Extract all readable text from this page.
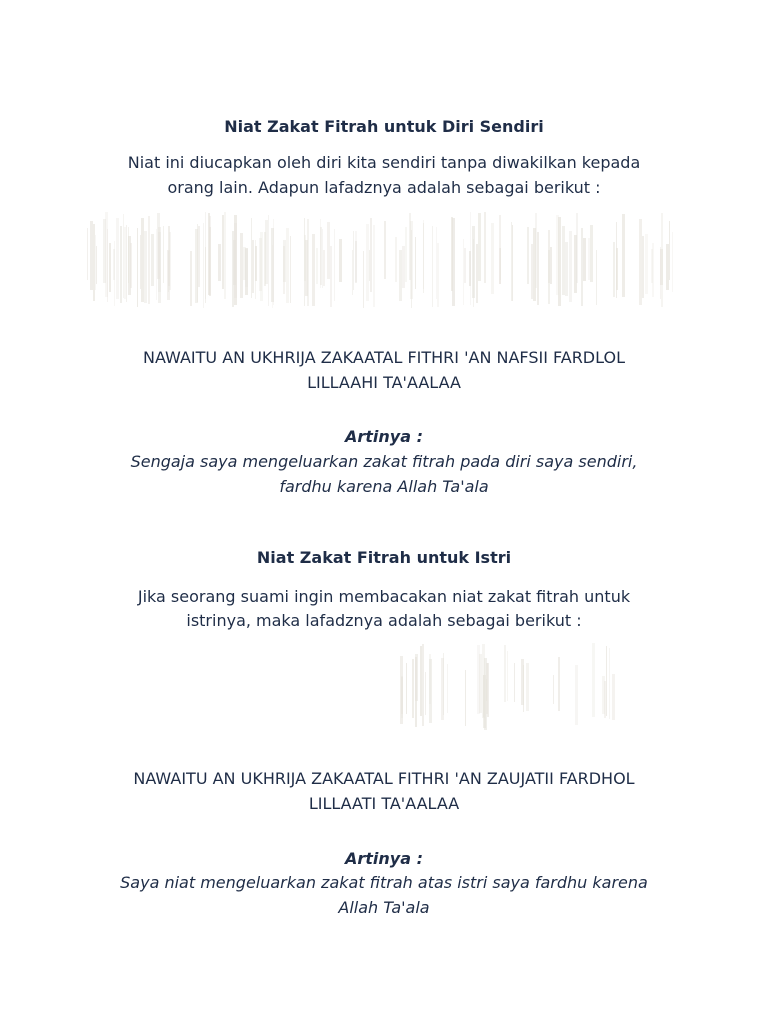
Niat Zakat Fitrah untuk Diri Sendiri
Niat ini diucapkan oleh diri kita sendiri tanpa diwakilkan kepada
orang lain. Adapun lafadznya adalah sebagai berikut :
NAWAITU AN UKHRIJA ZAKAATAL FITHRI 'AN NAFSII FARDLOL
LILLAAHI TA'AALAA
Artinya :
Sengaja saya mengeluarkan zakat fitrah pada diri saya sendiri,
fardhu karena Allah Ta'ala
Niat Zakat Fitrah untuk Istri
Jika seorang suami ingin membacakan niat zakat fitrah untuk
istrinya, maka lafadznya adalah sebagai berikut :
NAWAITU AN UKHRIJA ZAKAATAL FITHRI 'AN ZAUJATII FARDHOL
LILLAATI TA'AALAA
Artinya :
Saya niat mengeluarkan zakat fitrah atas istri saya fardhu karena
Allah Ta'ala
